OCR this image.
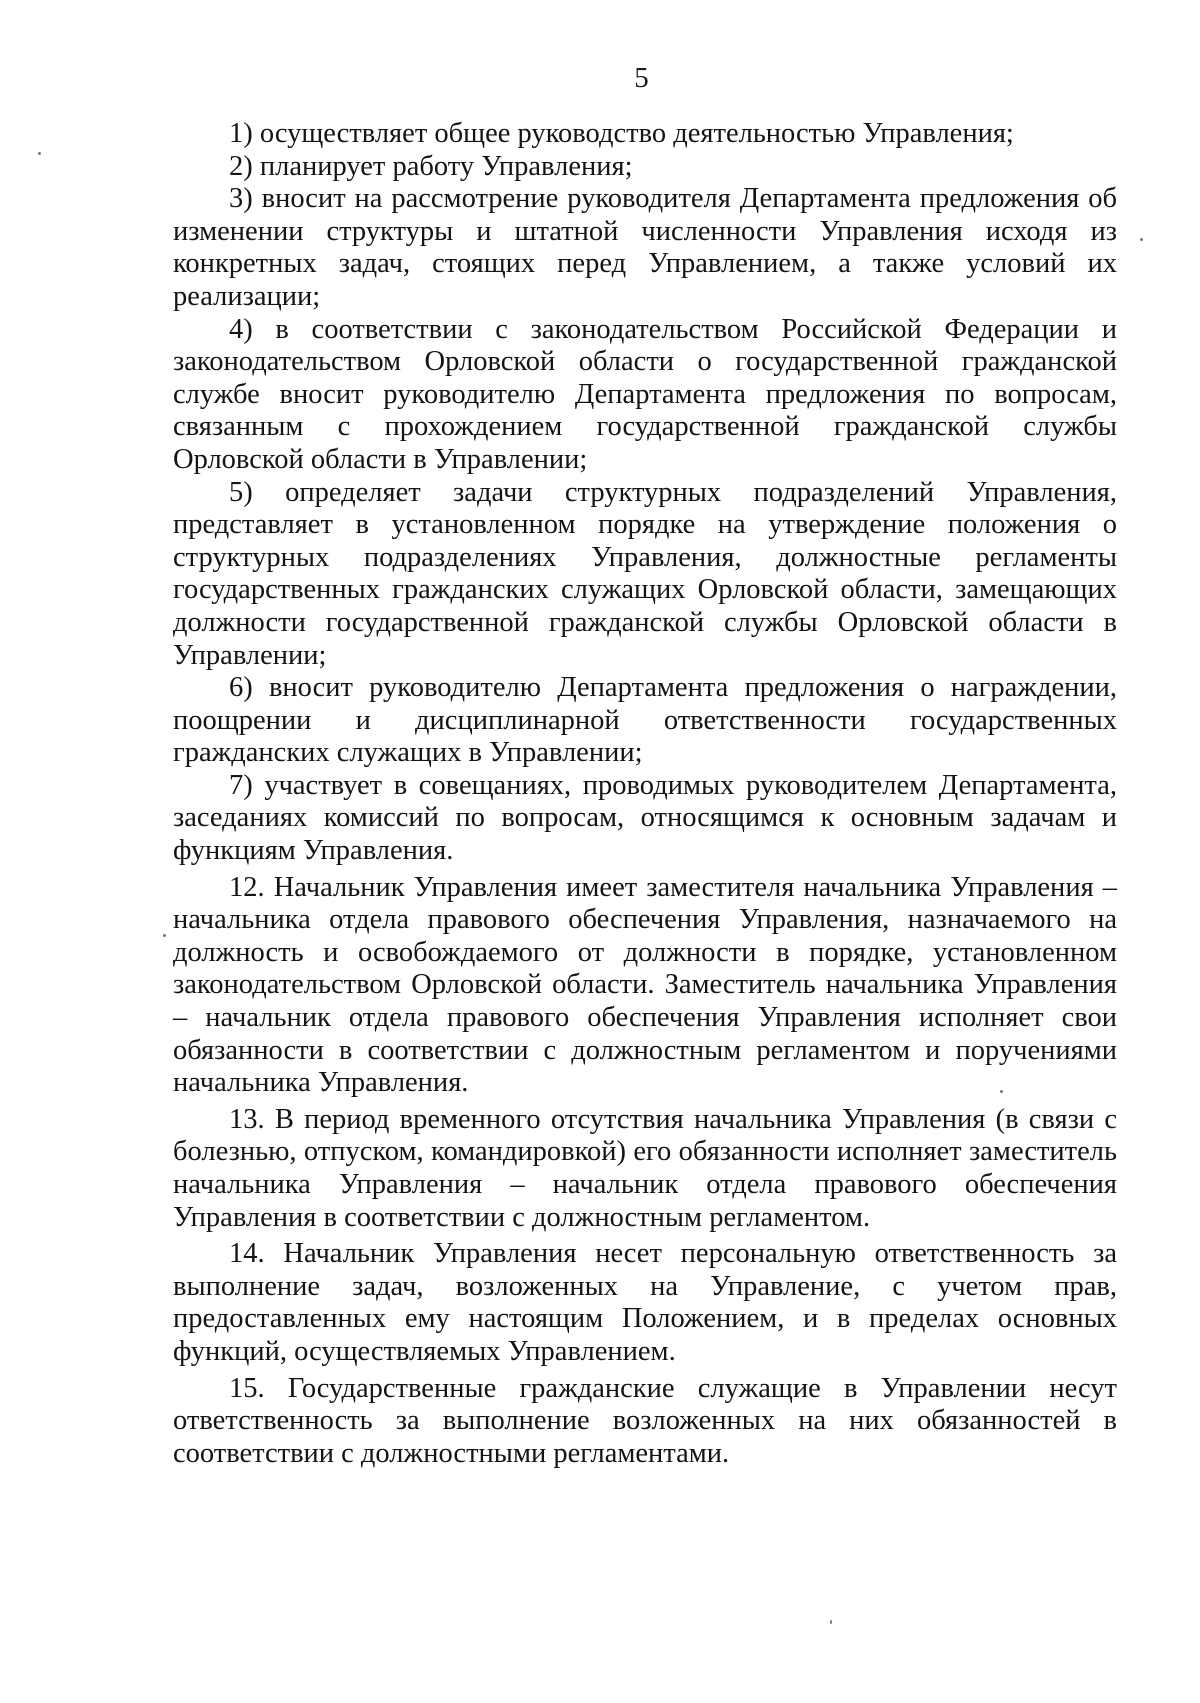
5

1) осуществляет общее руководство деятельностью Управления;

2) планирует работу Управления;

3) вносит на рассмотрение руководителя Департамента предложения об изменении структуры и штатной численности Управления исходя из конкретных задач, стоящих перед Управлением, а также условий их реализации;

4) в соответствии с законодательством Российской Федерации и законодательством Орловской области о государственной гражданской службе вносит руководителю Департамента предложения по вопросам, связанным с прохождением государственной гражданской службы Орловской области в Управлении;

5) определяет задачи структурных подразделений Управления, представляет в установленном порядке на утверждение положения о структурных подразделениях Управления, должностные регламенты государственных гражданских служащих Орловской области, замещающих должности государственной гражданской службы Орловской области в Управлении;

6) вносит руководителю Департамента предложения о награждении, поощрении и дисциплинарной ответственности государственных гражданских служащих в Управлении;

7) участвует в совещаниях, проводимых руководителем Департамента, заседаниях комиссий по вопросам, относящимся к основным задачам и функциям Управления.

12. Начальник Управления имеет заместителя начальника Управления – начальника отдела правового обеспечения Управления, назначаемого на должность и освобождаемого от должности в порядке, установленном законодательством Орловской области. Заместитель начальника Управления – начальник отдела правового обеспечения Управления исполняет свои обязанности в соответствии с должностным регламентом и поручениями начальника Управления.

13. В период временного отсутствия начальника Управления (в связи с болезнью, отпуском, командировкой) его обязанности исполняет заместитель начальника Управления – начальник отдела правового обеспечения Управления в соответствии с должностным регламентом.

14. Начальник Управления несет персональную ответственность за выполнение задач, возложенных на Управление, с учетом прав, предоставленных ему настоящим Положением, и в пределах основных функций, осуществляемых Управлением.

15. Государственные гражданские служащие в Управлении несут ответственность за выполнение возложенных на них обязанностей в соответствии с должностными регламентами.
